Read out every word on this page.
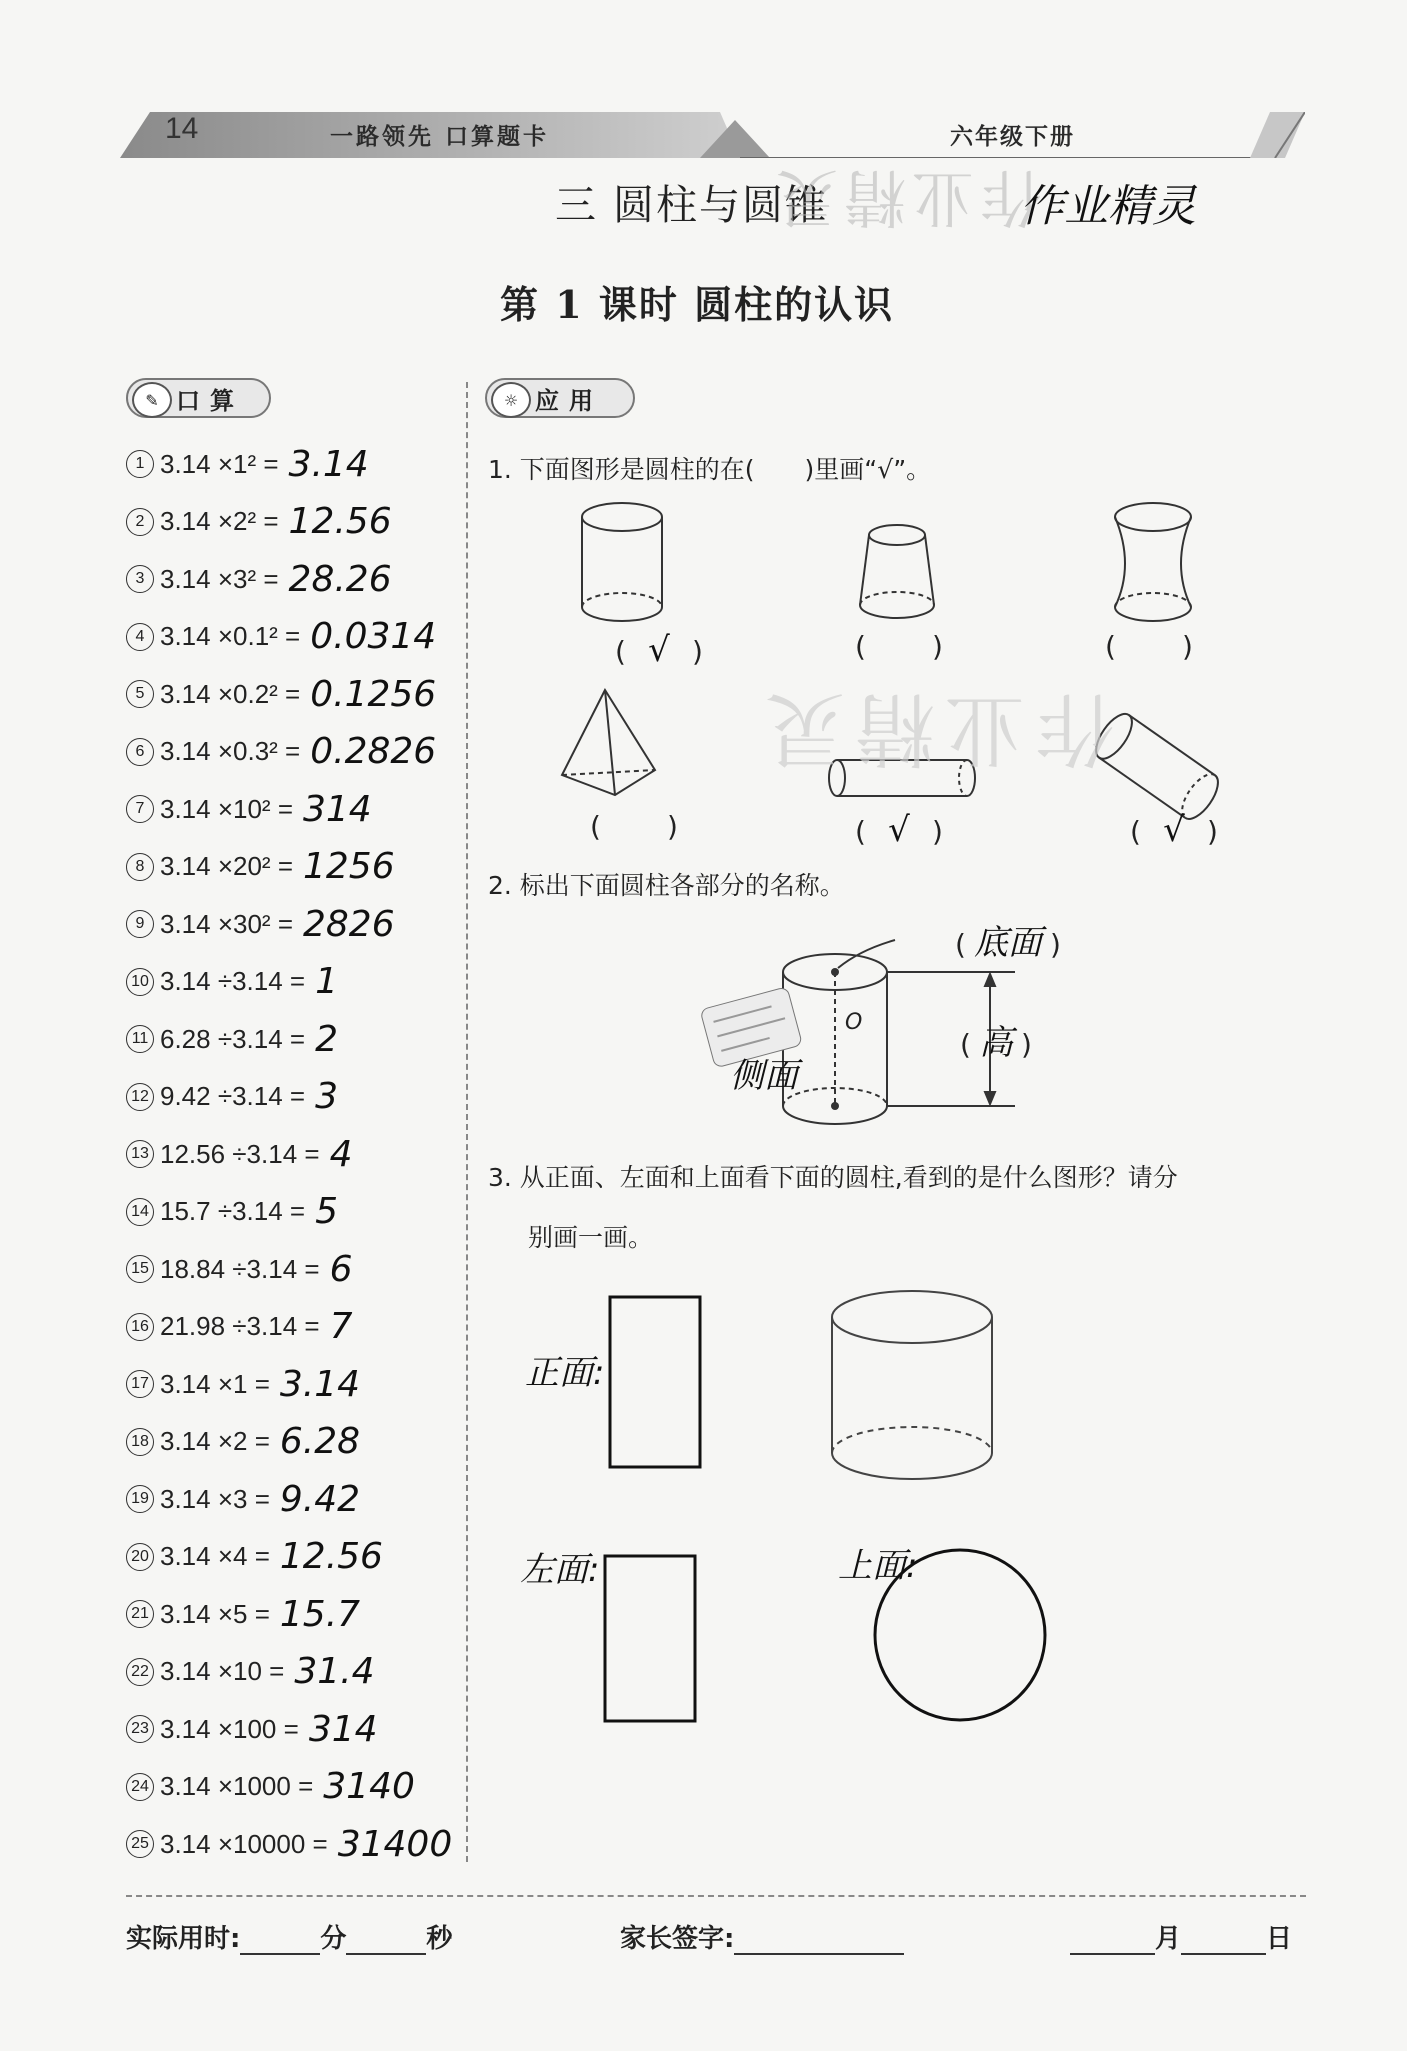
14	一路领先 口算题卡	六年级下册
三 圆柱与圆锥
作业精灵
作业精灵
第 1 课时 圆柱的认识
✎ 口算	☼ 应用
1 3.14 ×1² = 3.14
2 3.14 ×2² = 12.56
3 3.14 ×3² = 28.26
4 3.14 ×0.1² = 0.0314
5 3.14 ×0.2² = 0.1256
6 3.14 ×0.3² = 0.2826
7 3.14 ×10² = 314
8 3.14 ×20² = 1256
9 3.14 ×30² = 2826
10 3.14 ÷3.14 = 1
11 6.28 ÷3.14 = 2
12 9.42 ÷3.14 = 3
13 12.56 ÷3.14 = 4
14 15.7 ÷3.14 = 5
15 18.84 ÷3.14 = 6
16 21.98 ÷3.14 = 7
17 3.14 ×1 = 3.14
18 3.14 ×2 = 6.28
19 3.14 ×3 = 9.42
20 3.14 ×4 = 12.56
21 3.14 ×5 = 15.7
22 3.14 ×10 = 31.4
23 3.14 ×100 = 314
24 3.14 ×1000 = 3140
25 3.14 ×10000 = 31400
1. 下面图形是圆柱的在(　　)里画“√”。
作业精灵
( √ )	( )	( )
( )	( √ )	( √ )
2. 标出下面圆柱各部分的名称。
O
( 底面 )
( 高 )
侧面
3. 从正面、左面和上面看下面的圆柱,看到的是什么图形？请分
别画一画。
正面:
左面:	上面:
实际用时:	分	秒	家长签字:	月	日
